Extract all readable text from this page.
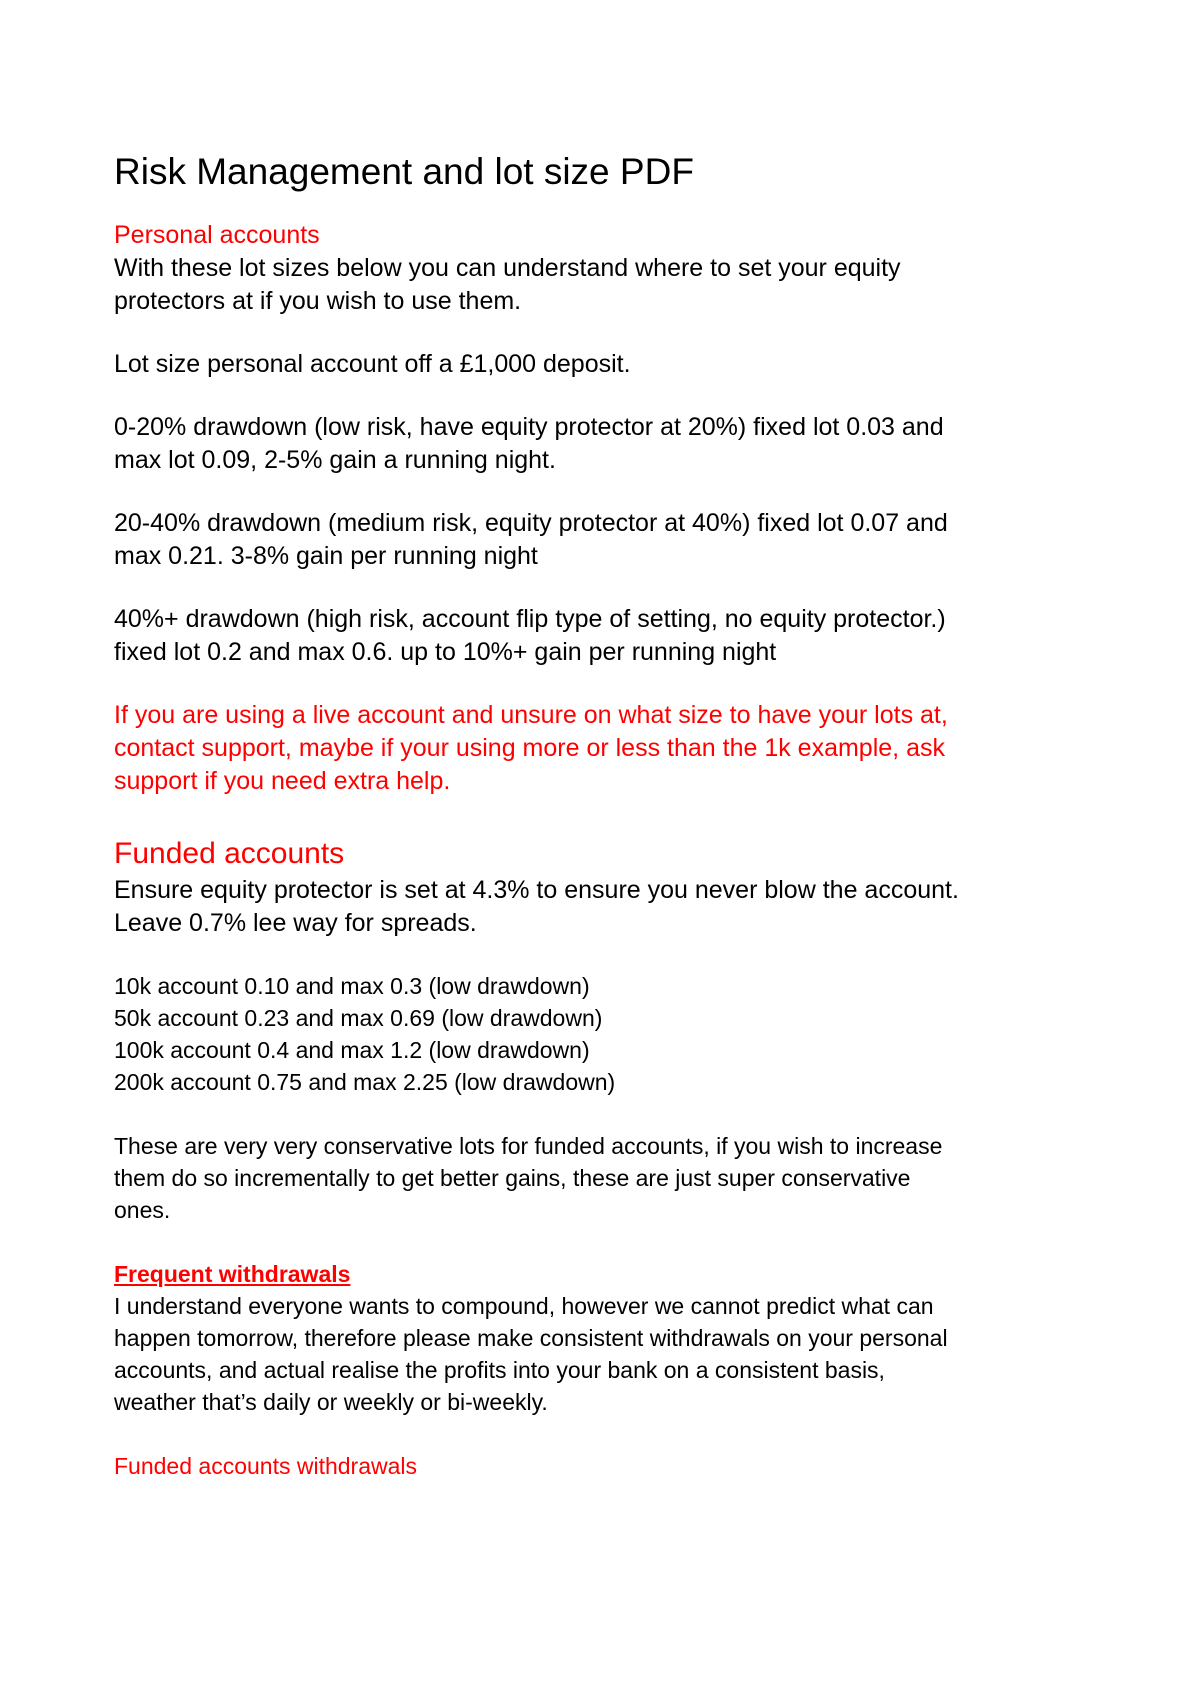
Risk Management and lot size PDF

Personal accounts

With these lot sizes below you can understand where to set your equity

protectors at if you wish to use them.

Lot size personal account off a £1,000 deposit.

0-20% drawdown (low risk, have equity protector at 20%) fixed lot 0.03 and

max lot 0.09, 2-5% gain a running night.

20-40% drawdown (medium risk, equity protector at 40%) fixed lot 0.07 and

max 0.21. 3-8% gain per running night

40%+ drawdown (high risk, account flip type of setting, no equity protector.)

fixed lot 0.2 and max 0.6. up to 10%+ gain per running night

If you are using a live account and unsure on what size to have your lots at,

contact support, maybe if your using more or less than the 1k example, ask

support if you need extra help.

Funded accounts

Ensure equity protector is set at 4.3% to ensure you never blow the account.

Leave 0.7% lee way for spreads.

10k account 0.10 and max 0.3 (low drawdown)

50k account 0.23 and max 0.69 (low drawdown)

100k account 0.4 and max 1.2 (low drawdown)

200k account 0.75 and max 2.25 (low drawdown)

These are very very conservative lots for funded accounts, if you wish to increase

them do so incrementally to get better gains, these are just super conservative

ones.

Frequent withdrawals

I understand everyone wants to compound, however we cannot predict what can

happen tomorrow, therefore please make consistent withdrawals on your personal

accounts, and actual realise the profits into your bank on a consistent basis,

weather that’s daily or weekly or bi-weekly.

Funded accounts withdrawals
